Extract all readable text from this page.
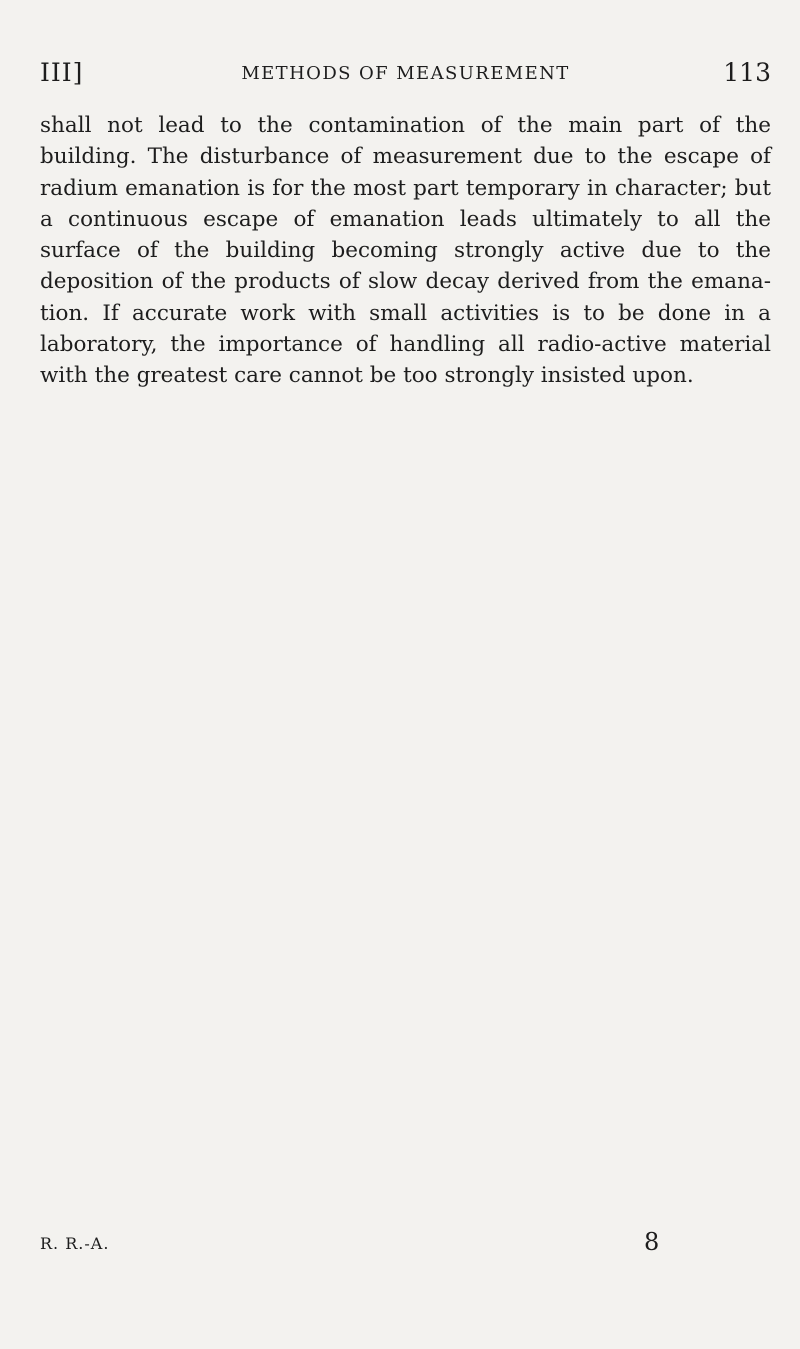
III]	METHODS OF MEASUREMENT	113

shall not lead to the contamination of the main part of the building. The disturbance of measurement due to the escape of radium emanation is for the most part temporary in character; but a continuous escape of emanation leads ultimately to all the surface of the building becoming strongly active due to the deposition of the products of slow decay derived from the emanation. If accurate work with small activities is to be done in a laboratory, the importance of handling all radio-active material with the greatest care cannot be too strongly insisted upon.

R. R.-A.	8
